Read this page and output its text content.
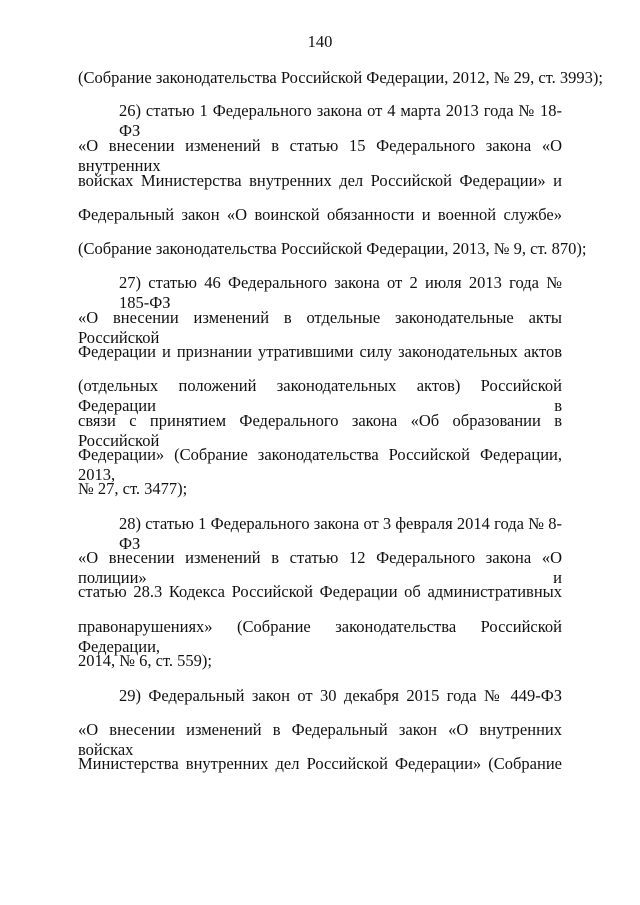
140
(Собрание законодательства Российской Федерации, 2012, № 29, ст. 3993);
26) статью 1 Федерального закона от 4 марта 2013 года № 18-ФЗ
«О внесении изменений в статью 15 Федерального закона «О внутренних
войсках Министерства внутренних дел Российской Федерации» и
Федеральный закон «О воинской обязанности и военной службе»
(Собрание законодательства Российской Федерации, 2013, № 9, ст. 870);
27) статью 46 Федерального закона от 2 июля 2013 года № 185-ФЗ
«О внесении изменений в отдельные законодательные акты Российской
Федерации и признании утратившими силу законодательных актов
(отдельных положений законодательных актов) Российской Федерации в
связи с принятием Федерального закона «Об образовании в Российской
Федерации» (Собрание законодательства Российской Федерации, 2013,
№ 27, ст. 3477);
28) статью 1 Федерального закона от 3 февраля 2014 года № 8-ФЗ
«О внесении изменений в статью 12 Федерального закона «О полиции» и
статью 28.3 Кодекса Российской Федерации об административных
правонарушениях» (Собрание законодательства Российской Федерации,
2014, № 6, ст. 559);
29) Федеральный закон от 30 декабря 2015 года № 449-ФЗ
«О внесении изменений в Федеральный закон «О внутренних войсках
Министерства внутренних дел Российской Федерации» (Собрание
